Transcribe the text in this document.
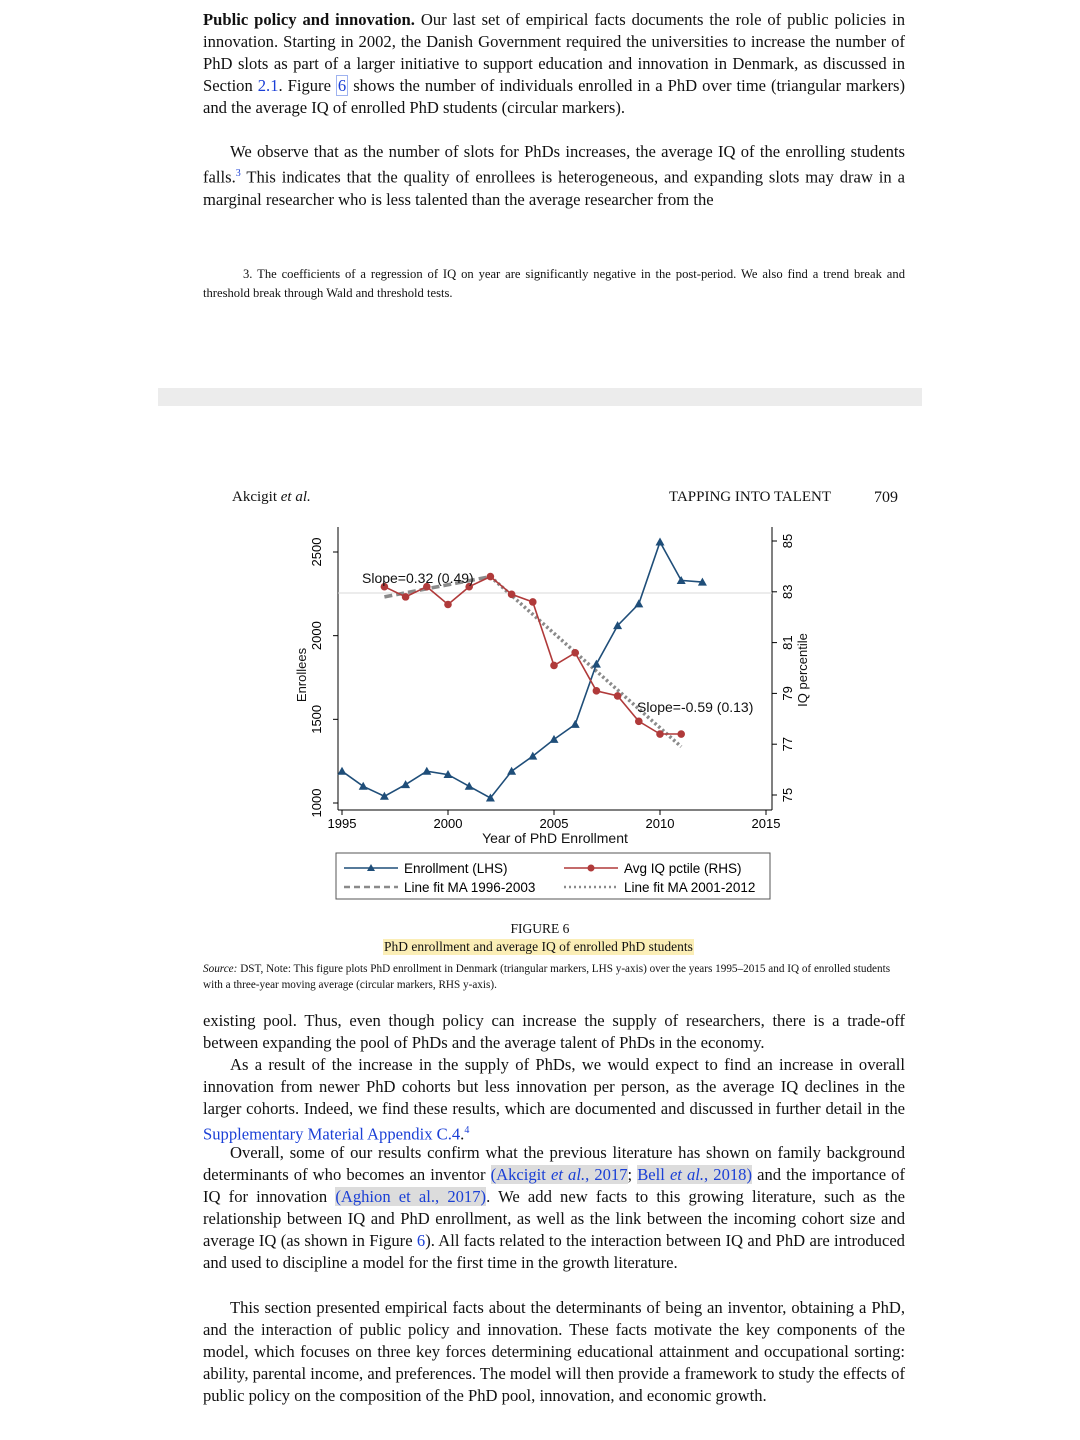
Public policy and innovation. Our last set of empirical facts documents the role of public policies in innovation. Starting in 2002, the Danish Government required the universities to increase the number of PhD slots as part of a larger initiative to support education and innovation in Denmark, as discussed in Section 2.1. Figure 6 shows the number of individuals enrolled in a PhD over time (triangular markers) and the average IQ of enrolled PhD students (circular markers).

We observe that as the number of slots for PhDs increases, the average IQ of the enrolling students falls.$^3$ This indicates that the quality of enrollees is heterogeneous, and expanding slots may draw in a marginal researcher who is less talented than the average researcher from the

3. The coefficients of a regression of IQ on year are significantly negative in the post-period. We also find a trend break and threshold break through Wald and threshold tests.

Akcigit et al.	TAPPING INTO TALENT	709
1995	2000	2005	2010	2015
1000
1500
2000
2500
75
77
79
81
83
85
Slope=0.32 (0.49)
Slope=-0.59 (0.13)
Year of PhD Enrollment
Enrollees	IQ percentile
Enrollment (LHS)	Avg IQ pctile (RHS)
Line fit MA 1996-2003	Line fit MA 2001-2012
FIGURE 6
PhD enrollment and average IQ of enrolled PhD students

Source: DST, Note: This figure plots PhD enrollment in Denmark (triangular markers, LHS y-axis) over the years 1995–2015 and IQ of enrolled students with a three-year moving average (circular markers, RHS y-axis).

existing pool. Thus, even though policy can increase the supply of researchers, there is a trade-off between expanding the pool of PhDs and the average talent of PhDs in the economy.

As a result of the increase in the supply of PhDs, we would expect to find an increase in overall innovation from newer PhD cohorts but less innovation per person, as the average IQ declines in the larger cohorts. Indeed, we find these results, which are documented and discussed in further detail in the Supplementary Material Appendix C.4.$^4$

Overall, some of our results confirm what the previous literature has shown on family background determinants of who becomes an inventor (Akcigit et al., 2017; Bell et al., 2018) and the importance of IQ for innovation (Aghion et al., 2017). We add new facts to this growing literature, such as the relationship between IQ and PhD enrollment, as well as the link between the incoming cohort size and average IQ (as shown in Figure 6). All facts related to the interaction between IQ and PhD are introduced and used to discipline a model for the first time in the growth literature.

This section presented empirical facts about the determinants of being an inventor, obtaining a PhD, and the interaction of public policy and innovation. These facts motivate the key components of the model, which focuses on three key forces determining educational attainment and occupational sorting: ability, parental income, and preferences. The model will then provide a framework to study the effects of public policy on the composition of the PhD pool, innovation, and economic growth.
